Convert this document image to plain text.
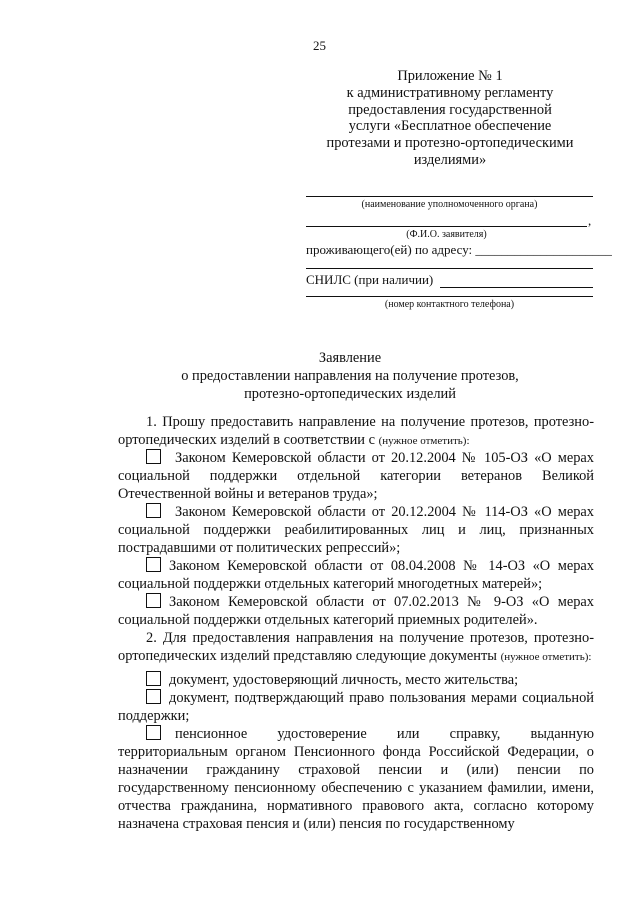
25
Приложение № 1
к административному регламенту
предоставления государственной
услуги «Бесплатное обеспечение
протезами и протезно-ортопедическими
изделиями»
(наименование уполномоченного органа)
,
(Ф.И.О. заявителя)
проживающего(ей) по адресу: _____________________
СНИЛС (при наличии)
(номер контактного телефона)
Заявление
о предоставлении направления на получение протезов,
протезно-ортопедических изделий
1. Прошу предоставить направление на получение протезов, протезно-ортопедических изделий в соответствии с (нужное отметить):
Законом Кемеровской области от 20.12.2004 № 105-ОЗ «О мерах социальной поддержки отдельной категории ветеранов Великой Отечественной войны и ветеранов труда»;
Законом Кемеровской области от 20.12.2004 № 114-ОЗ «О мерах социальной поддержки реабилитированных лиц и лиц, признанных пострадавшими от политических репрессий»;
Законом Кемеровской области от 08.04.2008 № 14-ОЗ «О мерах социальной поддержки отдельных категорий многодетных матерей»;
Законом Кемеровской области от 07.02.2013 № 9-ОЗ «О мерах социальной поддержки отдельных категорий приемных родителей».
2. Для предоставления направления на получение протезов, протезно-ортопедических изделий представляю следующие документы (нужное отметить):
документ, удостоверяющий личность, место жительства;
документ, подтверждающий право пользования мерами социальной поддержки;
пенсионное удостоверение или справку, выданную территориальным органом Пенсионного фонда Российской Федерации, о назначении гражданину страховой пенсии и (или) пенсии по государственному пенсионному обеспечению с указанием фамилии, имени, отчества гражданина, нормативного правового акта, согласно которому назначена страховая пенсия и (или) пенсия по государственному
